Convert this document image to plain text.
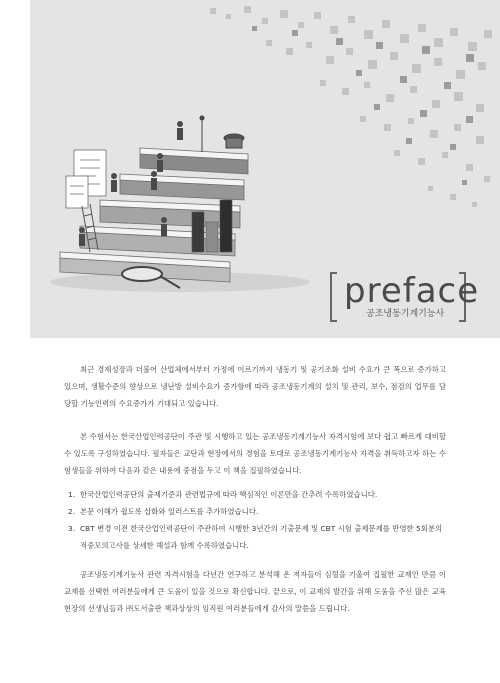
preface
공조냉동기계기능사

최근 경제성장과 더불어 산업체에서부터 가정에 이르기까지 냉동기 및 공기조화 설비 수요가 큰 폭으로 증가하고 있으며, 생활수준의 향상으로 냉난방 설비수요가 증가함에 따라 공조냉동기계의 설치 및 관리, 보수, 점검의 업무를 담당할 기능인력의 수요증가가 기대되고 있습니다.

본 수험서는 한국산업인력공단이 주관 및 시행하고 있는 공조냉동기계기능사 자격시험에 보다 쉽고 빠르게 대비할 수 있도록 구성하였습니다. 필자들은 교단과 현장에서의 경험을 토대로 공조냉동기계기능사 자격을 취득하고자 하는 수험생들을 위하여 다음과 같은 내용에 중점을 두고 이 책을 집필하였습니다.

1. 한국산업인력공단의 출제기준과 관련법규에 따라 핵심적인 이론만을 간추려 수록하였습니다.
2. 본문 이해가 쉽도록 삽화와 일러스트를 추가하였습니다.
3. CBT 변경 이전 한국산업인력공단이 주관하여 시행한 3년간의 기출문제 및 CBT 시험 출제문제를 반영한 5회분의 적중모의고사를 상세한 해설과 함께 수록하였습니다.

공조냉동기계기능사 관련 자격시험을 다년간 연구하고 분석해 온 저자들이 심혈을 기울여 집필한 교재인 만큼 이 교재를 선택한 여러분들에게 큰 도움이 있을 것으로 확신합니다. 끝으로, 이 교재의 발간을 위해 도움을 주신 많은 교육 현장의 선생님들과 ㈜도서출판 책과상상의 임직원 여러분들에게 감사의 말씀을 드립니다.
